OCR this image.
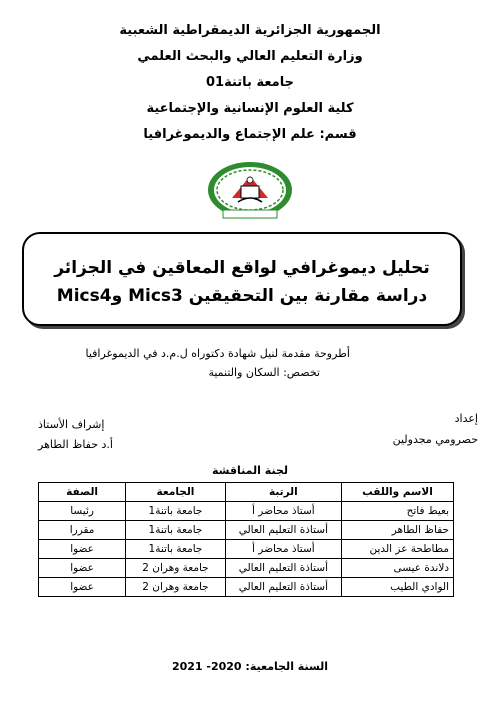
الجمهورية الجزائرية الديمقراطية الشعبية
وزارة التعليم العالي والبحث العلمي
جامعة باتنة01
كلية العلوم الإنسانية والإجتماعية
قسم: علم الإجتماع والديموغرافيا
تحليل ديموغرافي لواقع المعاقين في الجزائر
دراسة مقارنة بين التحقيقين Mics3 وMics4
أطروحة مقدمة لنيل شهادة دكتوراه ل.م.د في الديموغرافيا
تخصص: السكان والتنمية
إعداد
حصرومي مجدولين
إشراف الأستاذ
أ.د حفاظ الطاهر
لجنة المناقشة
الاسم واللقب	الرتبة	الجامعة	الصفة
بعيط فاتح	أستاذ محاضر أ	جامعة باتنة1	رئيسا
حفاظ الطاهر	أستاذة التعليم العالي	جامعة باتنة1	مقررا
مطاطحة عز الدين	أستاذ محاضر أ	جامعة باتنة1	عضوا
دلاندة عيسى	أستاذة التعليم العالي	جامعة وهران 2	عضوا
الوادي الطيب	أستاذة التعليم العالي	جامعة وهران 2	عضوا
السنة الجامعية: 2020- 2021
